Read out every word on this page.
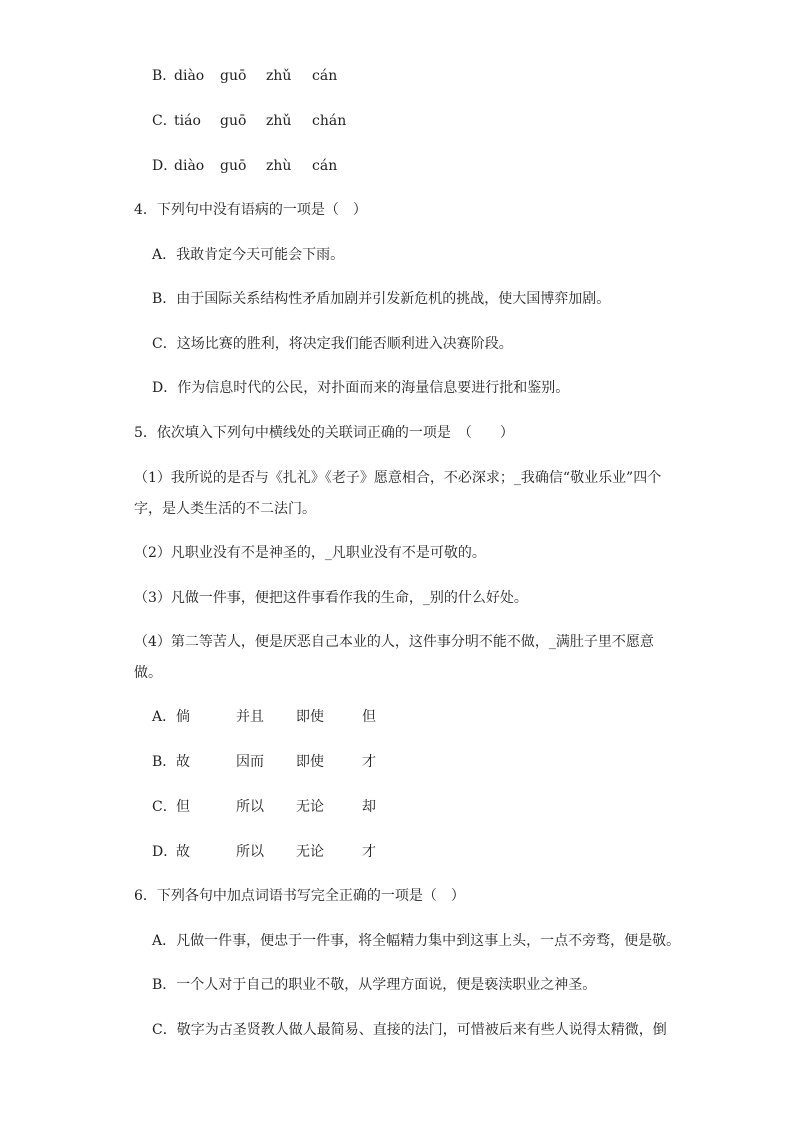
B．diào guō zhǔ cán
C．tiáo guō zhǔ chán
D．diào guō zhù cán
4．下列句中没有语病的一项是（　）
A．我敢肯定今天可能会下雨。
B．由于国际关系结构性矛盾加剧并引发新危机的挑战，使大国博弈加剧。
C．这场比赛的胜利，将决定我们能否顺利进入决赛阶段。
D．作为信息时代的公民，对扑面而来的海量信息要进行批和鉴别。
5．依次填入下列句中横线处的关联词正确的一项是　（　　）
（1）我所说的是否与《扎礼》《老子》愿意相合，不必深求；_我确信“敬业乐业”四个
字，是人类生活的不二法门。
（2）凡职业没有不是神圣的，_凡职业没有不是可敬的。
（3）凡做一件事，便把这件事看作我的生命，_别的什么好处。
（4）第二等苦人，便是厌恶自己本业的人，这件事分明不能不做，_满肚子里不愿意
做。
A．倘	并且 即使	但
B．故	因而 即使	才
C．但	所以 无论	却
D．故	所以 无论	才
6．下列各句中加点词语书写完全正确的一项是（　）
A．凡做一件事，便忠于一件事，将全幅精力集中到这事上头，一点不旁骛，便是敬。
B．一个人对于自己的职业不敬，从学理方面说，便是亵渎职业之神圣。
C．敬字为古圣贤教人做人最简易、直接的法门，可惜被后来有些人说得太精微，倒
